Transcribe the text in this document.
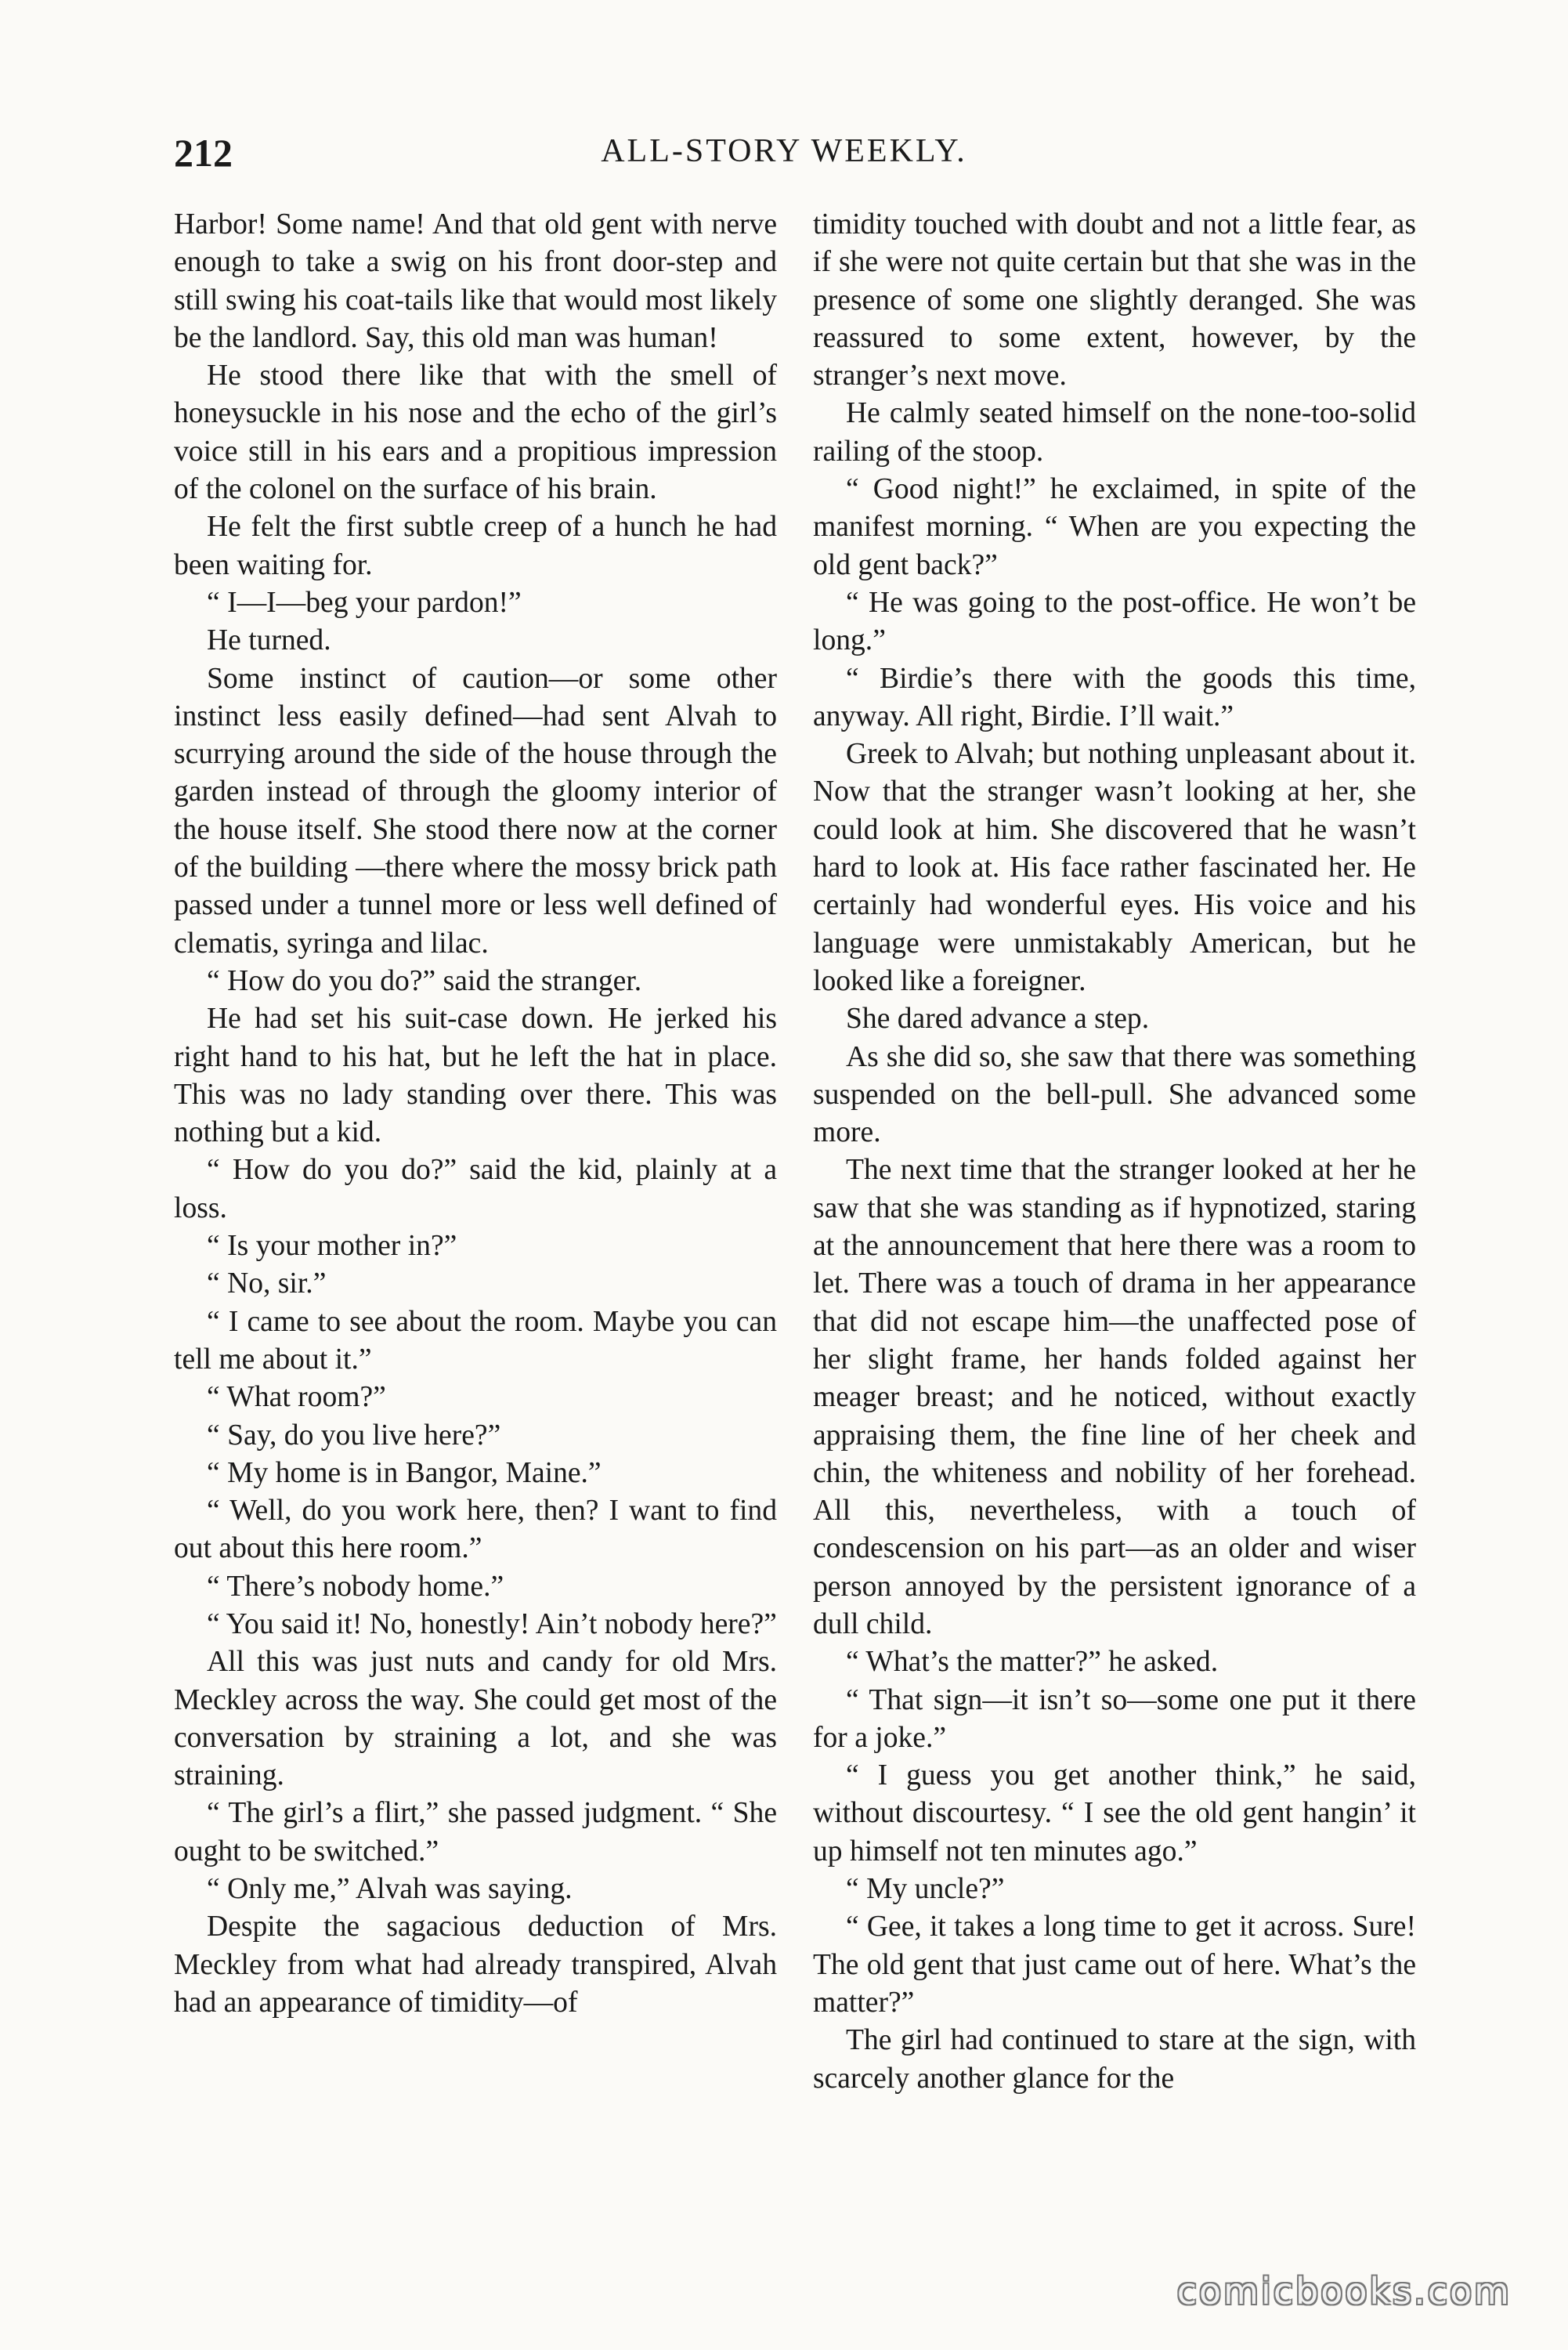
212	ALL-STORY WEEKLY.

Harbor! Some name! And that old gent with nerve enough to take a swig on his front door-step and still swing his coat-tails like that would most likely be the landlord. Say, this old man was human!

He stood there like that with the smell of honeysuckle in his nose and the echo of the girl’s voice still in his ears and a propitious impression of the colonel on the surface of his brain.

He felt the first subtle creep of a hunch he had been waiting for.

“ I—I—beg your pardon!”

He turned.

Some instinct of caution—or some other instinct less easily defined—had sent Alvah to scurrying around the side of the house through the garden instead of through the gloomy interior of the house itself. She stood there now at the corner of the building —there where the mossy brick path passed under a tunnel more or less well defined of clematis, syringa and lilac.

“ How do you do?” said the stranger.

He had set his suit-case down. He jerked his right hand to his hat, but he left the hat in place. This was no lady standing over there. This was nothing but a kid.

“ How do you do?” said the kid, plainly at a loss.

“ Is your mother in?”

“ No, sir.”

“ I came to see about the room. Maybe you can tell me about it.”

“ What room?”

“ Say, do you live here?”

“ My home is in Bangor, Maine.”

“ Well, do you work here, then? I want to find out about this here room.”

“ There’s nobody home.”

“ You said it! No, honestly! Ain’t nobody here?”

All this was just nuts and candy for old Mrs. Meckley across the way. She could get most of the conversation by straining a lot, and she was straining.

“ The girl’s a flirt,” she passed judgment. “ She ought to be switched.”

“ Only me,” Alvah was saying.

Despite the sagacious deduction of Mrs. Meckley from what had already transpired, Alvah had an appearance of timidity—of

timidity touched with doubt and not a little fear, as if she were not quite certain but that she was in the presence of some one slightly deranged. She was reassured to some extent, however, by the stranger’s next move.

He calmly seated himself on the none-too-solid railing of the stoop.

“ Good night!” he exclaimed, in spite of the manifest morning. “ When are you expecting the old gent back?”

“ He was going to the post-office. He won’t be long.”

“ Birdie’s there with the goods this time, anyway. All right, Birdie. I’ll wait.”

Greek to Alvah; but nothing unpleasant about it. Now that the stranger wasn’t looking at her, she could look at him. She discovered that he wasn’t hard to look at. His face rather fascinated her. He certainly had wonderful eyes. His voice and his language were unmistakably American, but he looked like a foreigner.

She dared advance a step.

As she did so, she saw that there was something suspended on the bell-pull. She advanced some more.

The next time that the stranger looked at her he saw that she was standing as if hypnotized, staring at the announcement that here there was a room to let. There was a touch of drama in her appearance that did not escape him—the unaffected pose of her slight frame, her hands folded against her meager breast; and he noticed, without exactly appraising them, the fine line of her cheek and chin, the whiteness and nobility of her forehead. All this, nevertheless, with a touch of condescension on his part—as an older and wiser person annoyed by the persistent ignorance of a dull child.

“ What’s the matter?” he asked.

“ That sign—it isn’t so—some one put it there for a joke.”

“ I guess you get another think,” he said, without discourtesy. “ I see the old gent hangin’ it up himself not ten minutes ago.”

“ My uncle?”

“ Gee, it takes a long time to get it across. Sure! The old gent that just came out of here. What’s the matter?”

The girl had continued to stare at the sign, with scarcely another glance for the

comicbooks.com
